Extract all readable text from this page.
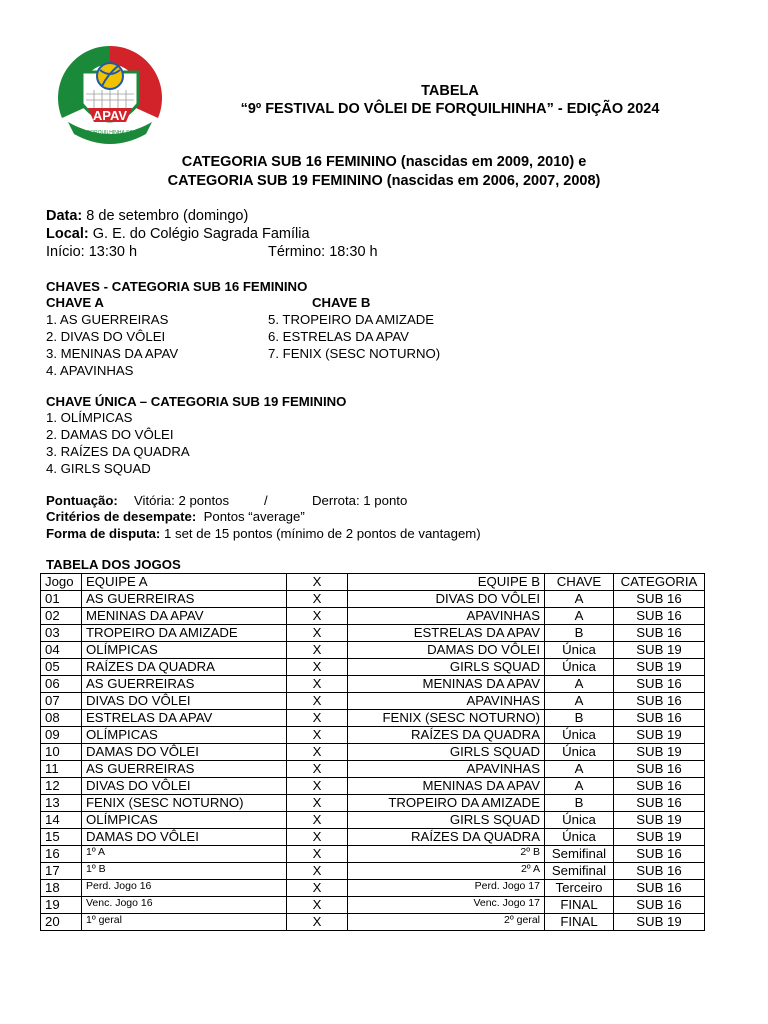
APAV
FORQUILHINHA SC
TABELA
“9º FESTIVAL DO VÔLEI DE FORQUILHINHA” - EDIÇÃO 2024
CATEGORIA SUB 16 FEMININO (nascidas em 2009, 2010) e
CATEGORIA SUB 19 FEMININO (nascidas em 2006, 2007, 2008)
Data: 8 de setembro (domingo)
Local: G. E. do Colégio Sagrada Família
Início: 13:30 h	Término: 18:30 h
CHAVES - CATEGORIA SUB 16 FEMININO
CHAVE A	CHAVE B
1. AS GUERREIRAS
2. DIVAS DO VÔLEI
3. MENINAS DA APAV
4. APAVINHAS
5. TROPEIRO DA AMIZADE
6. ESTRELAS DA APAV
7. FENIX (SESC NOTURNO)
CHAVE ÚNICA – CATEGORIA SUB 19 FEMININO
1. OLÍMPICAS
2. DAMAS DO VÔLEI
3. RAÍZES DA QUADRA
4. GIRLS SQUAD
Pontuação: Vitória: 2 pontos	/	Derrota: 1 ponto
Critérios de desempate:  Pontos “average”
Forma de disputa: 1 set de 15 pontos (mínimo de 2 pontos de vantagem)
TABELA DOS JOGOS
Jogo	EQUIPE A	X	EQUIPE B	CHAVE	CATEGORIA
01	AS GUERREIRAS	X	DIVAS DO VÔLEI	A	SUB 16
02	MENINAS DA APAV	X	APAVINHAS	A	SUB 16
03	TROPEIRO DA AMIZADE	X	ESTRELAS DA APAV	B	SUB 16
04	OLÍMPICAS	X	DAMAS DO VÔLEI	Única	SUB 19
05	RAÍZES DA QUADRA	X	GIRLS SQUAD	Única	SUB 19
06	AS GUERREIRAS	X	MENINAS DA APAV	A	SUB 16
07	DIVAS DO VÔLEI	X	APAVINHAS	A	SUB 16
08	ESTRELAS DA APAV	X	FENIX (SESC NOTURNO)	B	SUB 16
09	OLÍMPICAS	X	RAÍZES DA QUADRA	Única	SUB 19
10	DAMAS DO VÔLEI	X	GIRLS SQUAD	Única	SUB 19
11	AS GUERREIRAS	X	APAVINHAS	A	SUB 16
12	DIVAS DO VÔLEI	X	MENINAS DA APAV	A	SUB 16
13	FENIX (SESC NOTURNO)	X	TROPEIRO DA AMIZADE	B	SUB 16
14	OLÍMPICAS	X	GIRLS SQUAD	Única	SUB 19
15	DAMAS DO VÔLEI	X	RAÍZES DA QUADRA	Única	SUB 19
16	$^{1º A}$	X	$^{2º B}$	Semifinal	SUB 16
17	$^{1º B}$	X	$^{2º A}$	Semifinal	SUB 16
18	$^{Perd. Jogo 16}$	X	$^{Perd. Jogo 17}$	Terceiro	SUB 16
19	$^{Venc. Jogo 16}$	X	$^{Venc. Jogo 17}$	FINAL	SUB 16
20	$^{1º geral}$	X	$^{2º geral}$	FINAL	SUB 19
